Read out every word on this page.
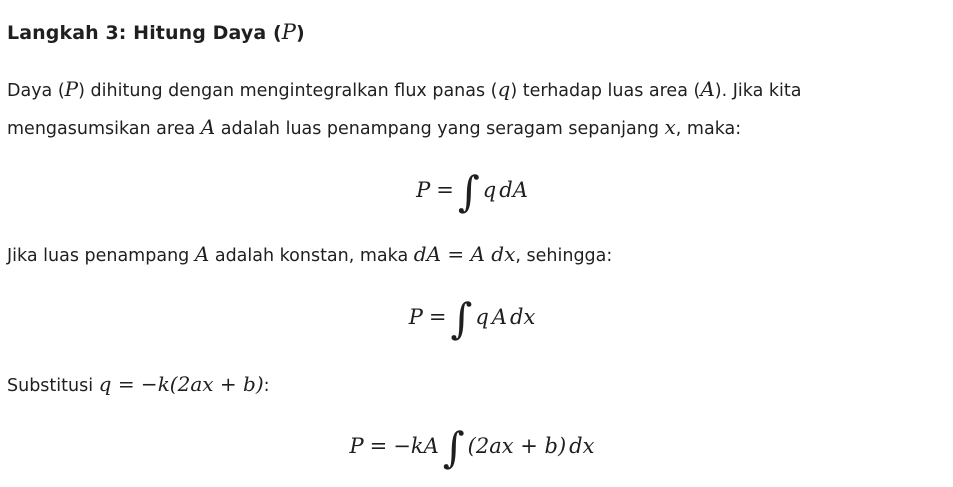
Langkah 3: Hitung Daya (P)

Daya (P) dihitung dengan mengintegralkan flux panas (q) terhadap luas area (A). Jika kita
mengasumsikan area A adalah luas penampang yang seragam sepanjang x, maka:

P =∫ q dA

Jika luas penampang A adalah konstan, maka dA = A dx, sehingga:

P =∫ q A dx

Substitusi q = −k(2ax + b):

P = −kA∫ (2ax + b) dx
